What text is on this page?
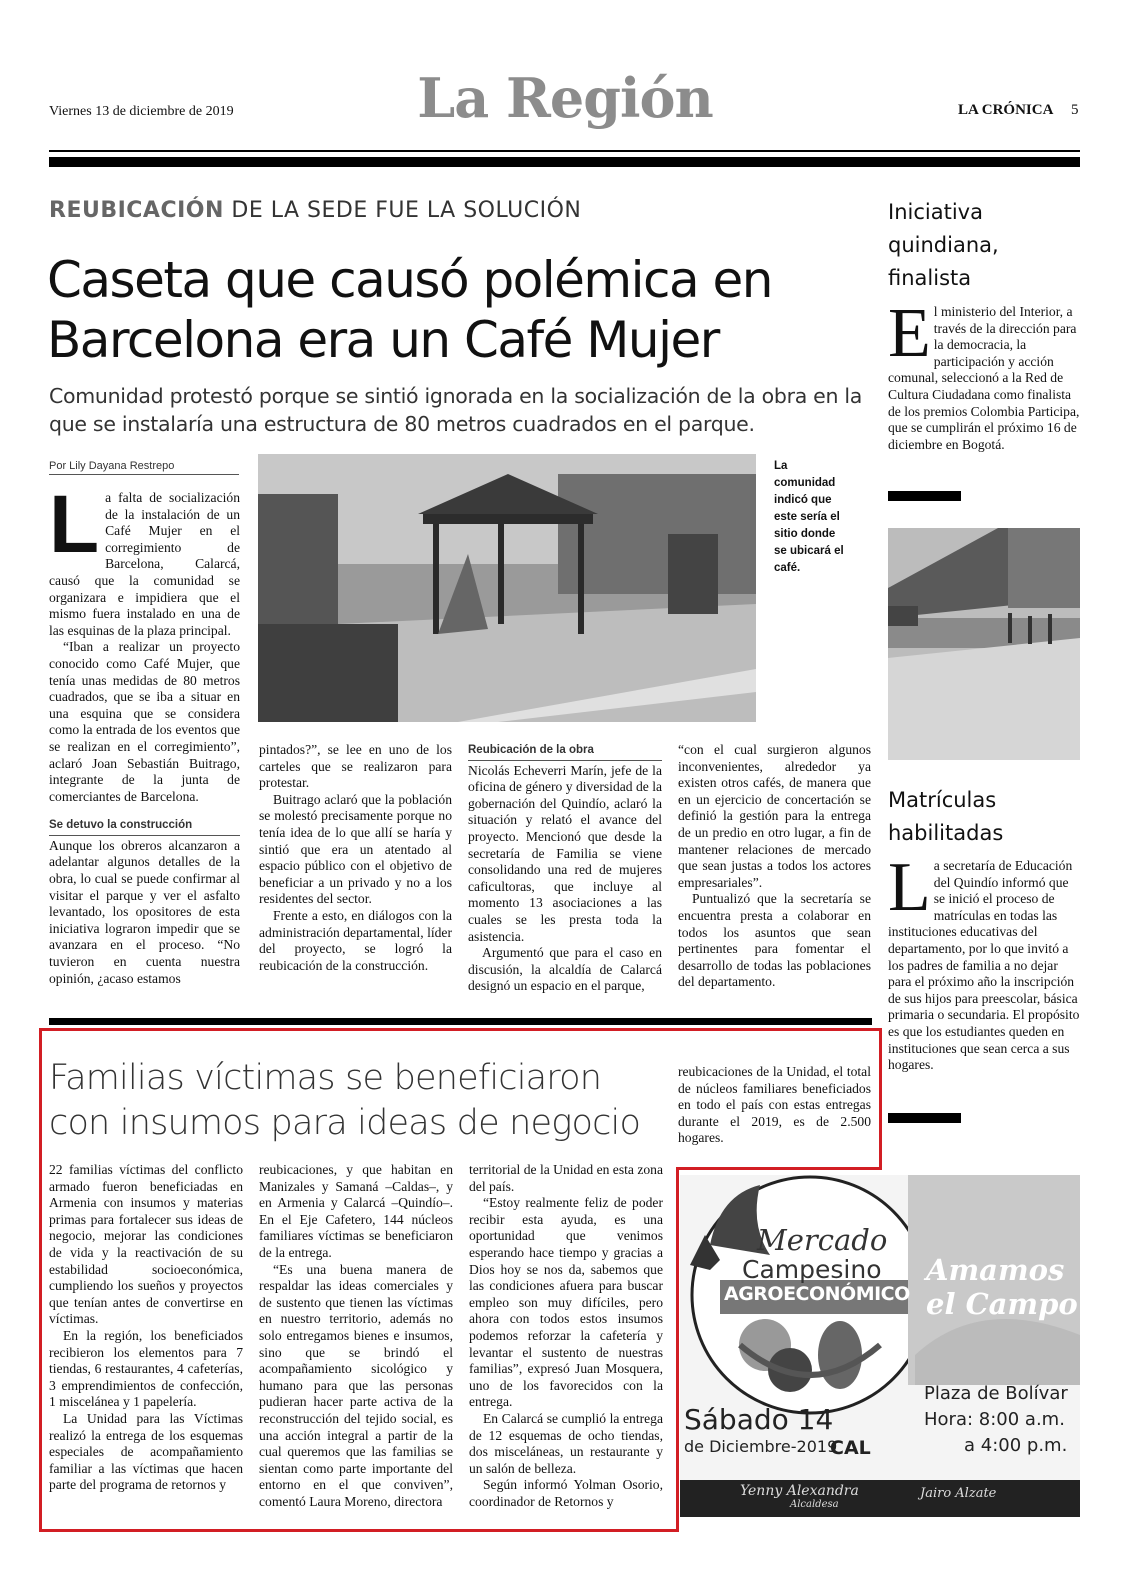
Viernes 13 de diciembre de 2019	La Región	LA CRÓNICA 5
REUBICACIÓN DE LA SEDE FUE LA SOLUCIÓN
Caseta que causó polémica en Barcelona era un Café Mujer
Comunidad protestó porque se sintió ignorada en la socialización de la obra en la que se instalaría una estructura de 80 metros cuadrados en el parque.
Por Lily Dayana Restrepo	La comunidad indicó que este sería el sitio donde se ubicará el café.
L a falta de socialización de la instalación de un Café Mujer en el corregimiento de Barcelona, Calarcá, causó que la comunidad se organizara e impidiera que el mismo fuera instalado en una de las esquinas de la plaza principal.

“Iban a realizar un proyecto conocido como Café Mujer, que tenía unas medidas de 80 metros cuadrados, que se iba a situar en una esquina que se considera como la entrada de los eventos que se realizan en el corregimiento”, aclaró Joan Sebastián Buitrago, integrante de la junta de comerciantes de Barcelona.

Se detuvo la construcción

Aunque los obreros alcanzaron a adelantar algunos detalles de la obra, lo cual se puede confirmar al visitar el parque y ver el asfalto levantado, los opositores de esta iniciativa lograron impedir que se avanzara en el proceso. “No tuvieron en cuenta nuestra opinión, ¿acaso estamos

pintados?”, se lee en uno de los carteles que se realizaron para protestar.

Buitrago aclaró que la población se molestó precisamente porque no tenía idea de lo que allí se haría y sintió que era un atentado al espacio público con el objetivo de beneficiar a un privado y no a los residentes del sector.

Frente a esto, en diálogos con la administración departamental, líder del proyecto, se logró la reubicación de la construcción.

Reubicación de la obra

Nicolás Echeverri Marín, jefe de la oficina de género y diversidad de la gobernación del Quindío, aclaró la situación y relató el avance del proyecto. Mencionó que desde la secretaría de Familia se viene consolidando una red de mujeres caficultoras, que incluye al momento 13 asociaciones a las cuales se les presta toda la asistencia.

Argumentó que para el caso en discusión, la alcaldía de Calarcá designó un espacio en el parque,

“con el cual surgieron algunos inconvenientes, alrededor ya existen otros cafés, de manera que en un ejercicio de concertación se definió la gestión para la entrega de un predio en otro lugar, a fin de mantener relaciones de mercado que sean justas a todos los actores empresariales”.

Puntualizó que la secretaría se encuentra presta a colaborar en todos los asuntos que sean pertinentes para fomentar el desarrollo de todas las poblaciones del departamento.

Iniciativa quindiana, finalista
E l ministerio del Interior, a través de la dirección para la democracia, la participación y acción comunal, seleccionó a la Red de Cultura Ciudadana como finalista de los premios Colombia Participa, que se cumplirán el próximo 16 de diciembre en Bogotá.

Matrículas habilitadas
L a secretaría de Educación del Quindío informó que se inició el proceso de matrículas en todas las instituciones educativas del departamento, por lo que invitó a los padres de familia a no dejar para el próximo año la inscripción de sus hijos para preescolar, básica primaria o secundaria. El propósito es que los estudiantes queden en instituciones que sean cerca a sus hogares.

Familias víctimas se beneficiaron con insumos para ideas de negocio

reubicaciones de la Unidad, el total de núcleos familiares beneficiados en todo el país con estas entregas durante el 2019, es de 2.500 hogares.

22 familias víctimas del conflicto armado fueron beneficiadas en Armenia con insumos y materias primas para fortalecer sus ideas de negocio, mejorar las condiciones de vida y la reactivación de su estabilidad socioeconómica, cumpliendo los sueños y proyectos que tenían antes de convertirse en víctimas.

En la región, los beneficiados recibieron los elementos para 7 tiendas, 6 restaurantes, 4 cafeterías, 3 emprendimientos de confección, 1 miscelánea y 1 papelería.

La Unidad para las Víctimas realizó la entrega de los esquemas especiales de acompañamiento familiar a las víctimas que hacen parte del programa de retornos y

reubicaciones, y que habitan en Manizales y Samaná –Caldas–, y en Armenia y Calarcá –Quindío–. En el Eje Cafetero, 144 núcleos familiares víctimas se beneficiaron de la entrega.

“Es una buena manera de respaldar las ideas comerciales y de sustento que tienen las víctimas en nuestro territorio, además no solo entregamos bienes e insumos, sino que se brindó el acompañamiento sicológico y humano para que las personas pudieran hacer parte activa de la reconstrucción del tejido social, es una acción integral a partir de la cual queremos que las familias se sientan como parte importante del entorno en el que conviven”, comentó Laura Moreno, directora

territorial de la Unidad en esta zona del país.

“Estoy realmente feliz de poder recibir esta ayuda, es una oportunidad que venimos esperando hace tiempo y gracias a Dios hoy se nos da, sabemos que las condiciones afuera para buscar empleo son muy difíciles, pero ahora con todos estos insumos podemos reforzar la cafetería y levantar el sustento de nuestras familias”, expresó Juan Mosquera, uno de los favorecidos con la entrega.

En Calarcá se cumplió la entrega de 12 esquemas de ocho tiendas, dos misceláneas, un restaurante y un salón de belleza.

Según informó Yolman Osorio, coordinador de Retornos y

Mercado
Campesino
AGROECONÓMICO
Sábado 14
de Diciembre-2019
CAL
Amamos
el Campo
Plaza de Bolívar
Hora: 8:00 a.m.
a 4:00 p.m.
Yenny Alexandra
Alcaldesa
Jairo Alzate
